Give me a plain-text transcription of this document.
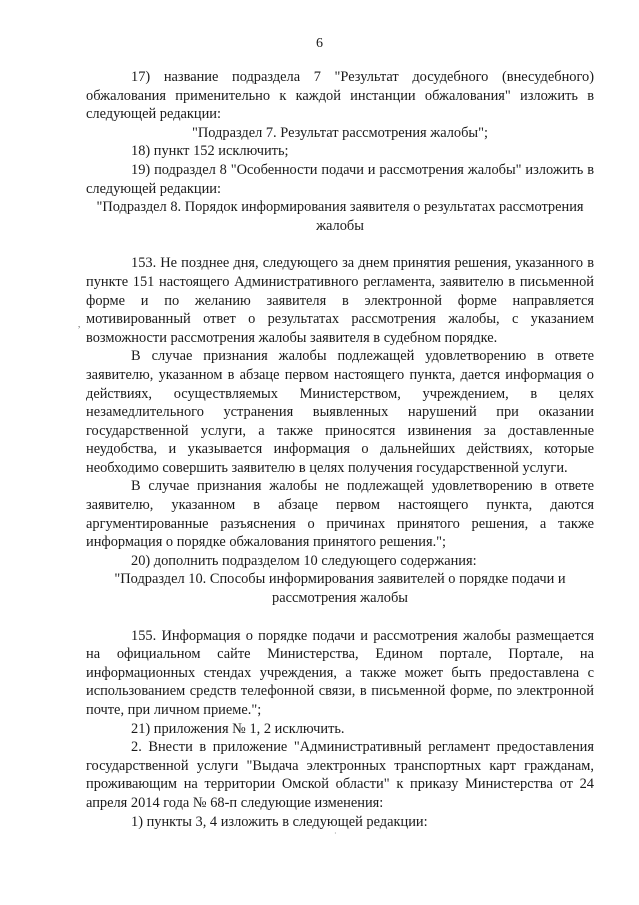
6
,

17) название подраздела 7 "Результат досудебного (внесудебного) обжалования применительно к каждой инстанции обжалования" изложить в следующей редакции:

"Подраздел 7. Результат рассмотрения жалобы";

18) пункт 152 исключить;

19) подраздел 8 "Особенности подачи и рассмотрения жалобы" изложить в следующей редакции:

"Подраздел 8. Порядок информирования заявителя о результатах рассмотрения жалобы

153. Не позднее дня, следующего за днем принятия решения, указанного в пункте 151 настоящего Административного регламента, заявителю в письменной форме и по желанию заявителя в электронной форме направляется мотивированный ответ о результатах рассмотрения жалобы, с указанием возможности рассмотрения жалобы заявителя в судебном порядке.

В случае признания жалобы подлежащей удовлетворению в ответе заявителю, указанном в абзаце первом настоящего пункта, дается информация о действиях, осуществляемых Министерством, учреждением, в целях незамедлительного устранения выявленных нарушений при оказании государственной услуги, а также приносятся извинения за доставленные неудобства, и указывается информация о дальнейших действиях, которые необходимо совершить заявителю в целях получения государственной услуги.

В случае признания жалобы не подлежащей удовлетворению в ответе заявителю, указанном в абзаце первом настоящего пункта, даются аргументированные разъяснения о причинах принятого решения, а также информация о порядке обжалования принятого решения.";

20) дополнить подразделом 10 следующего содержания:

"Подраздел 10. Способы информирования заявителей о порядке подачи и рассмотрения жалобы

155. Информация о порядке подачи и рассмотрения жалобы размещается на официальном сайте Министерства, Едином портале, Портале, на информационных стендах учреждения, а также может быть предоставлена с использованием средств телефонной связи, в письменной форме, по электронной почте, при личном приеме.";

21) приложения № 1, 2 исключить.

2. Внести в приложение "Административный регламент предоставления государственной услуги "Выдача электронных транспортных карт гражданам, проживающим на территории Омской области" к приказу Министерства от 24 апреля 2014 года № 68-п следующие изменения:

1) пункты 3, 4 изложить в следующей редакции:

·
